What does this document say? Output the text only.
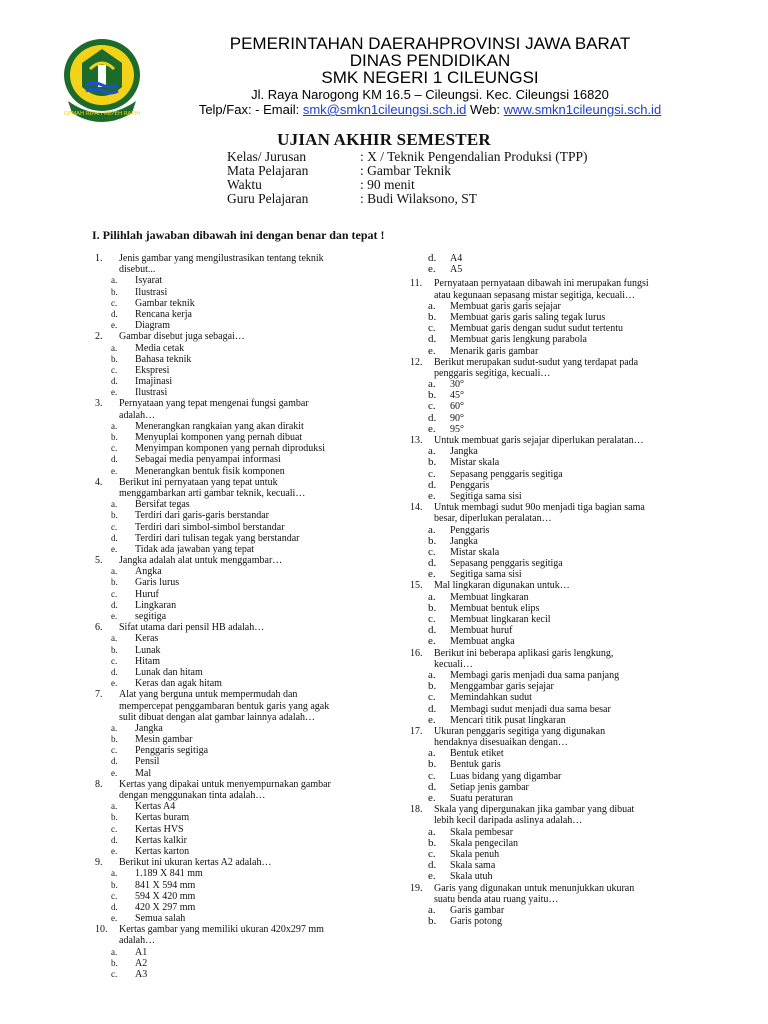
GEMAH RIPAH REPEH RAPIH
PEMERINTAHAN DAERAHPROVINSI JAWA BARAT
DINAS PENDIDIKAN
SMK NEGERI 1 CILEUNGSI
Jl. Raya Narogong KM 16.5 – Cileungsi. Kec. Cileungsi 16820
Telp/Fax: - Email: smk@smkn1cileungsi.sch.id Web: www.smkn1cileungsi.sch.id
UJIAN AKHIR SEMESTER
Kelas/ Jurusan	: X / Teknik Pengendalian Produksi (TPP)
Mata Pelajaran	: Gambar Teknik
Waktu	: 90 menit
Guru Pelajaran	: Budi Wilaksono, ST
I. Pilihlah jawaban dibawah ini dengan benar dan tepat !
1. Jenis gambar yang mengilustrasikan tentang teknik
disebut...
a. Isyarat
b. Ilustrasi
c. Gambar teknik
d. Rencana kerja
e. Diagram
2. Gambar disebut juga sebagai…
a. Media cetak
b. Bahasa teknik
c. Ekspresi
d. Imajinasi
e. Ilustrasi
3. Pernyataan yang tepat mengenai fungsi gambar
adalah…
a. Menerangkan rangkaian yang akan dirakit
b. Menyuplai komponen yang pernah dibuat
c. Menyimpan komponen yang pernah diproduksi
d. Sebagai media penyampai informasi
e. Menerangkan bentuk fisik komponen
4. Berikut ini pernyataan yang tepat untuk
menggambarkan arti gambar teknik, kecuali…
a. Bersifat tegas
b. Terdiri dari garis-garis berstandar
c. Terdiri dari simbol-simbol berstandar
d. Terdiri dari tulisan tegak yang berstandar
e. Tidak ada jawaban yang tepat
5. Jangka adalah alat untuk menggambar…
a. Angka
b. Garis lurus
c. Huruf
d. Lingkaran
e. segitiga
6. Sifat utama dari pensil HB adalah…
a. Keras
b. Lunak
c. Hitam
d. Lunak dan hitam
e. Keras dan agak hitam
7. Alat yang berguna untuk mempermudah dan
mempercepat penggambaran bentuk garis yang agak
sulit dibuat dengan alat gambar lainnya adalah…
a. Jangka
b. Mesin gambar
c. Penggaris segitiga
d. Pensil
e. Mal
8. Kertas yang dipakai untuk menyempurnakan gambar
dengan menggunakan tinta adalah…
a. Kertas A4
b. Kertas buram
c. Kertas HVS
d. Kertas kalkir
e. Kertas karton
9. Berikut ini ukuran kertas A2 adalah…
a. 1.189 X 841 mm
b. 841 X 594 mm
c. 594 X 420 mm
d. 420 X 297 mm
e. Semua salah
10. Kertas gambar yang memiliki ukuran 420x297 mm
adalah…
a. A1
b. A2
c. A3
d. A4
e. A5
11. Pernyataan pernyataan dibawah ini merupakan fungsi
atau kegunaan sepasang mistar segitiga, kecuali…
a. Membuat garis garis sejajar
b. Membuat garis garis saling tegak lurus
c. Membuat garis dengan sudut sudut tertentu
d. Membuat garis lengkung parabola
e. Menarik garis gambar
12. Berikut merupakan sudut-sudut yang terdapat pada
penggaris segitiga, kecuali…
a. 30°
b. 45°
c. 60°
d. 90°
e. 95°
13. Untuk membuat garis sejajar diperlukan peralatan…
a. Jangka
b. Mistar skala
c. Sepasang penggaris segitiga
d. Penggaris
e. Segitiga sama sisi
14. Untuk membagi sudut 90o menjadi tiga bagian sama
besar, diperlukan peralatan…
a. Penggaris
b. Jangka
c. Mistar skala
d. Sepasang penggaris segitiga
e. Segitiga sama sisi
15. Mal lingkaran digunakan untuk…
a. Membuat lingkaran
b. Membuat bentuk elips
c. Membuat lingkaran kecil
d. Membuat huruf
e. Membuat angka
16. Berikut ini beberapa aplikasi garis lengkung,
kecuali…
a. Membagi garis menjadi dua sama panjang
b. Menggambar garis sejajar
c. Memindahkan sudut
d. Membagi sudut menjadi dua sama besar
e. Mencari titik pusat lingkaran
17. Ukuran penggaris segitiga yang digunakan
hendaknya disesuaikan dengan…
a. Bentuk etiket
b. Bentuk garis
c. Luas bidang yang digambar
d. Setiap jenis gambar
e. Suatu peraturan
18. Skala yang dipergunakan jika gambar yang dibuat
lebih kecil daripada aslinya adalah…
a. Skala pembesar
b. Skala pengecilan
c. Skala penuh
d. Skala sama
e. Skala utuh
19. Garis yang digunakan untuk menunjukkan ukuran
suatu benda atau ruang yaitu…
a. Garis gambar
b. Garis potong
